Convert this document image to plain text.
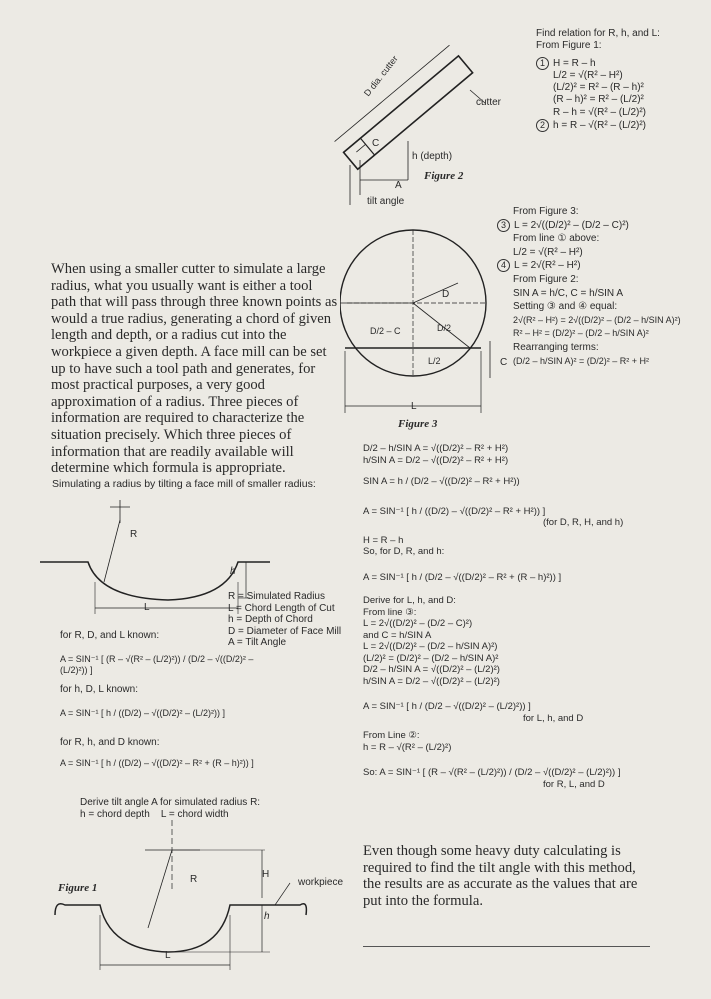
D dia. cutter
cutter
C
h (depth)
A
tilt angle
Figure 2
Find relation for R, h, and L:
From Figure 1:
1 H = R – h
L/2 = √(R² – H²)
(L/2)² = R² – (R – h)²
(R – h)² = R² – (L/2)²
R – h = √(R² – (L/2)²)
2 h = R – √(R² – (L/2)²)
From Figure 3:
3 L = 2√((D/2)² – (D/2 – C)²)
From line ① above:
L/2 = √(R² – H²)
4 L = 2√(R² – H²)
From Figure 2:
SIN A = h/C, C = h/SIN A
Setting ③ and ④ equal:
2√(R² – H²) = 2√((D/2)² – (D/2 – h/SIN A)²)
R² – H² = (D/2)² – (D/2 – h/SIN A)²
Rearranging terms:
(D/2 – h/SIN A)² = (D/2)² – R² + H²
D
D/2 – C	D/2
L/2	C
L
Figure 3
When using a smaller cutter to simulate a large radius, what you usually want is either a tool path that will pass through three known points as would a true radius, generating a chord of given length and depth, or a radius cut into the workpiece a given depth. A face mill can be set up to have such a tool path and generates, for most practical purposes, a very good approximation of a radius. Three pieces of information are required to characterize the situation precisely. Which three pieces of information that are readily available will determine which formula is appropriate.
Simulating a radius by tilting a face mill of smaller radius:
R
h
L
R = Simulated Radius
L = Chord Length of Cut
h = Depth of Chord
D = Diameter of Face Mill
A = Tilt Angle
for R, D, and L known:
A = SIN⁻¹ [ (R – √(R² – (L/2)²)) / (D/2 – √((D/2)² – (L/2)²)) ]
for h, D, L known:
A = SIN⁻¹ [ h / ((D/2) – √((D/2)² – (L/2)²)) ]
for R, h, and D known:
A = SIN⁻¹ [ h / ((D/2) – √((D/2)² – R² + (R – h)²)) ]
Derive tilt angle A for simulated radius R:
h = chord depth    L = chord width
R	H
h
workpiece
L
Figure 1
D/2 – h/SIN A = √((D/2)² – R² + H²)
h/SIN A = D/2 – √((D/2)² – R² + H²)
SIN A = h / (D/2 – √((D/2)² – R² + H²))
A = SIN⁻¹ [ h / ((D/2) – √((D/2)² – R² + H²)) ]
(for D, R, H, and h)
H = R – h
So, for D, R, and h:
A = SIN⁻¹ [ h / (D/2 – √((D/2)² – R² + (R – h)²)) ]
Derive for L, h, and D:
From line ③:
L = 2√((D/2)² – (D/2 – C)²)
and C = h/SIN A
L = 2√((D/2)² – (D/2 – h/SIN A)²)
(L/2)² = (D/2)² – (D/2 – h/SIN A)²
D/2 – h/SIN A = √((D/2)² – (L/2)²)
h/SIN A = D/2 – √((D/2)² – (L/2)²)
A = SIN⁻¹ [ h / (D/2 – √((D/2)² – (L/2)²)) ]
for L, h, and D
From Line ②:
h = R – √(R² – (L/2)²)
So: A = SIN⁻¹ [ (R – √(R² – (L/2)²)) / (D/2 – √((D/2)² – (L/2)²)) ]
for R, L, and D
Even though some heavy duty calculating is required to find the tilt angle with this method, the results are as accurate as the values that are put into the formula.
